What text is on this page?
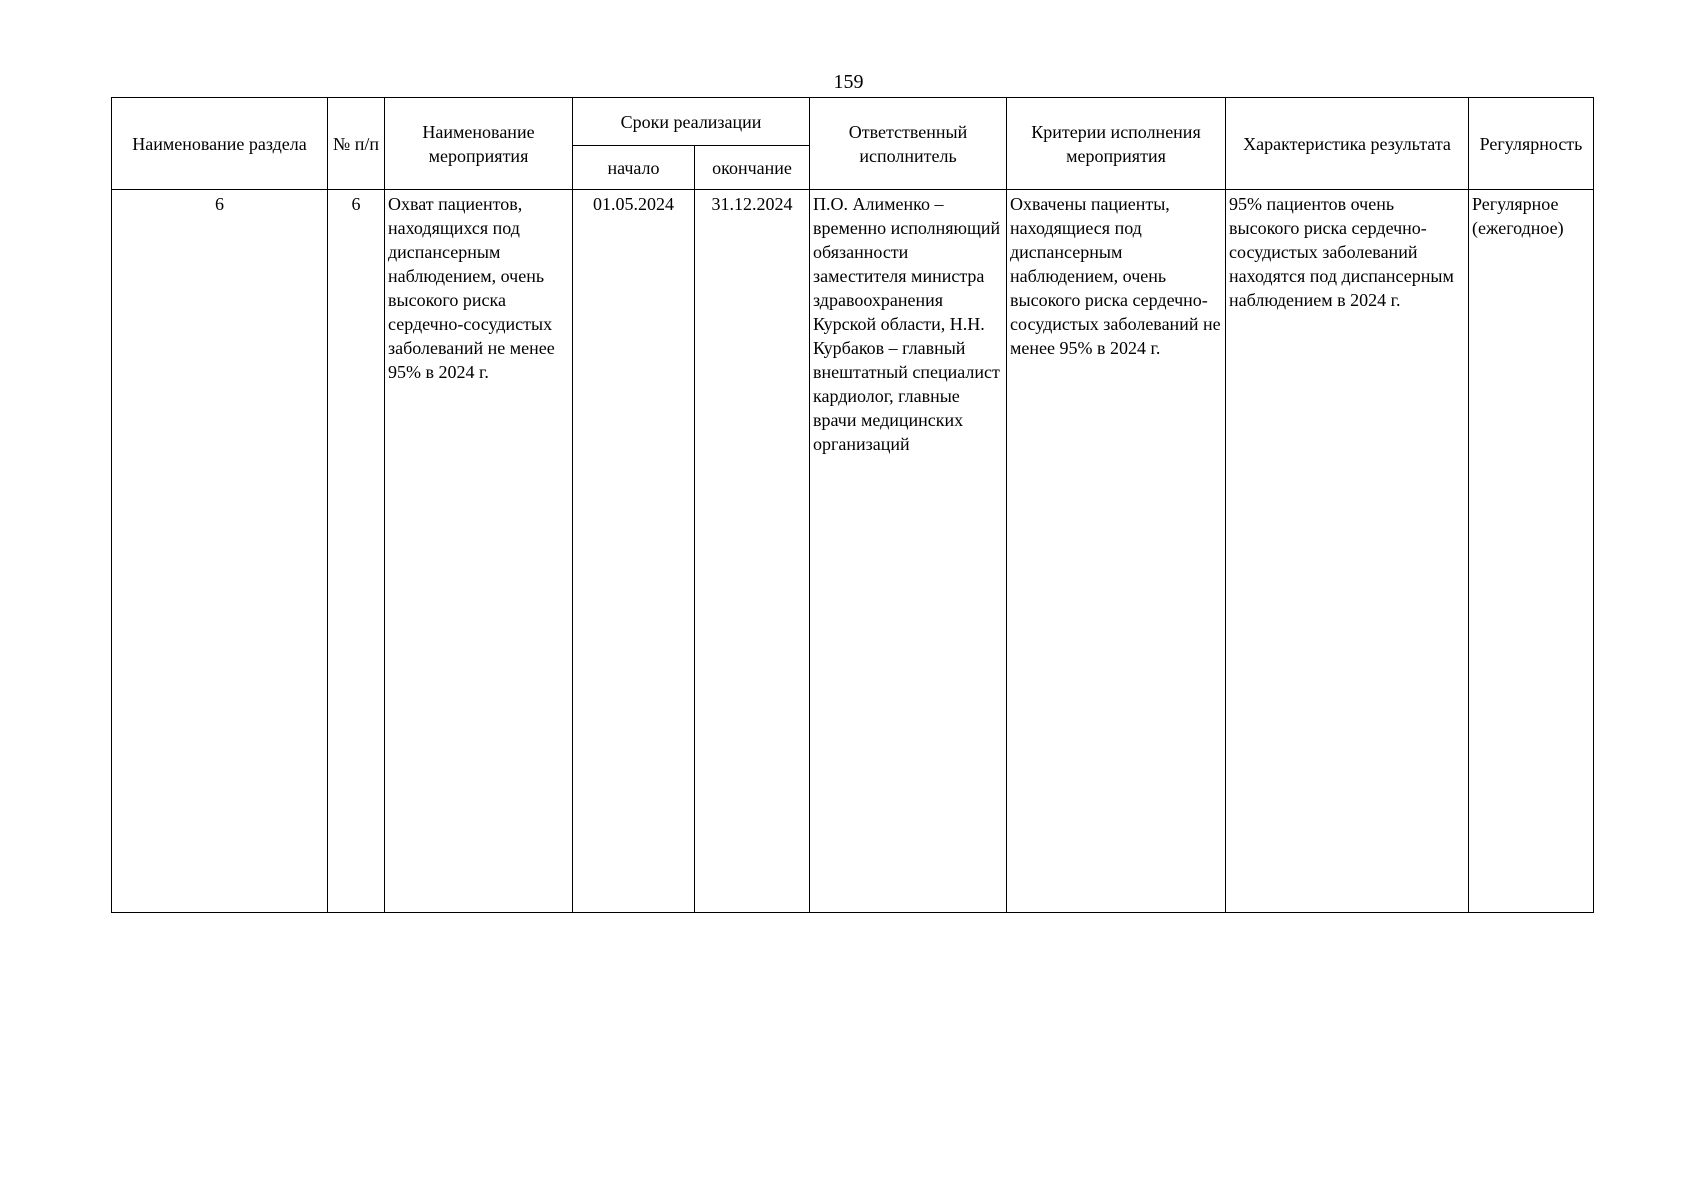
159
Наименование раздела	№ п/п	Наименование мероприятия	Сроки реализации		Ответственный исполнитель	Критерии исполнения мероприятия	Характеристика результата	Регулярность
			начало	окончание				
6	6	Охват пациентов, находящихся под диспансерным наблюдением, очень высокого риска сердечно-сосудистых заболеваний не менее 95% в 2024 г.	01.05.2024	31.12.2024	П.О. Алименко – временно исполняющий обязанности заместителя министра здравоохранения Курской области, Н.Н. Курбаков – главный внештатный специалист кардиолог, главные врачи медицинских организаций	Охвачены пациенты, находящиеся под диспансерным наблюдением, очень высокого риска сердечно-сосудистых заболеваний не менее 95% в 2024 г.	95% пациентов очень высокого риска сердечно-сосудистых заболеваний находятся под диспансерным наблюдением в 2024 г.	Регулярное (ежегодное)
